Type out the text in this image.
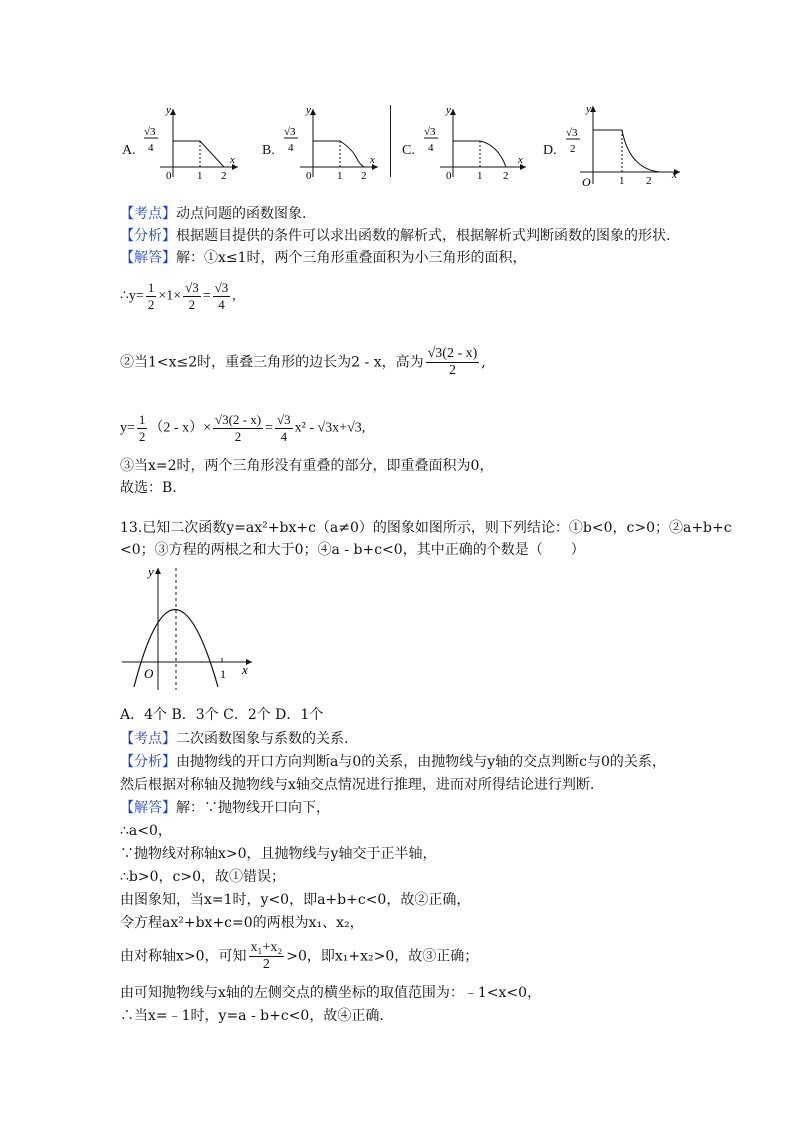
A.
y
x
√3
4
0 1 2
B.
y
x
√3
4
0 1 2
C.
y
x
√3
4
0 1 2
D.
y
x
√3
2
O	1 2
【考点】动点问题的函数图象.
【分析】根据题目提供的条件可以求出函数的解析式，根据解析式判断函数的图象的形状.
【解答】解：①x≤1时，两个三角形重叠面积为小三角形的面积，
∴y= $\frac{1}{2} \times 1\times \frac{√3}{2} = \frac{√3}{4}$ ,
②当1<x≤2时，重叠三角形的边长为2 - x，高为 $\frac{√3(2 - x)}{2}$ ,
$y= \frac{1}{2} (2 - x)\times \frac{√3(2 - x)}{2} = \frac{√3}{4} x^2 - √3x+√3$,
③当x=2时，两个三角形没有重叠的部分，即重叠面积为0，
故选：B.
13.已知二次函数y=ax²+bx+c（a≠0）的图象如图所示，则下列结论：①b<0，c>0；②a+b+c
<0；③方程的两根之和大于0；④a - b+c<0，其中正确的个数是（　　）
y
x
O	1
A．4个 B．3个 C．2个 D．1个
【考点】二次函数图象与系数的关系.
【分析】由抛物线的开口方向判断a与0的关系，由抛物线与y轴的交点判断c与0的关系，
然后根据对称轴及抛物线与x轴交点情况进行推理，进而对所得结论进行判断.
【解答】解：∵抛物线开口向下，
∴a<0，
∵抛物线对称轴x>0，且抛物线与y轴交于正半轴，
∴b>0，c>0，故①错误；
由图象知，当x=1时，y<0，即a+b+c<0，故②正确，
令方程ax²+bx+c=0的两根为x₁、x₂，
由对称轴x>0，可知 $\frac{\text{x₁+x₂}}{2} >0$，即x₁+x₂>0，故③正确；
由可知抛物线与x轴的左侧交点的横坐标的取值范围为：﹣1<x<0，
∴当x=﹣1时，y=a - b+c<0，故④正确.
